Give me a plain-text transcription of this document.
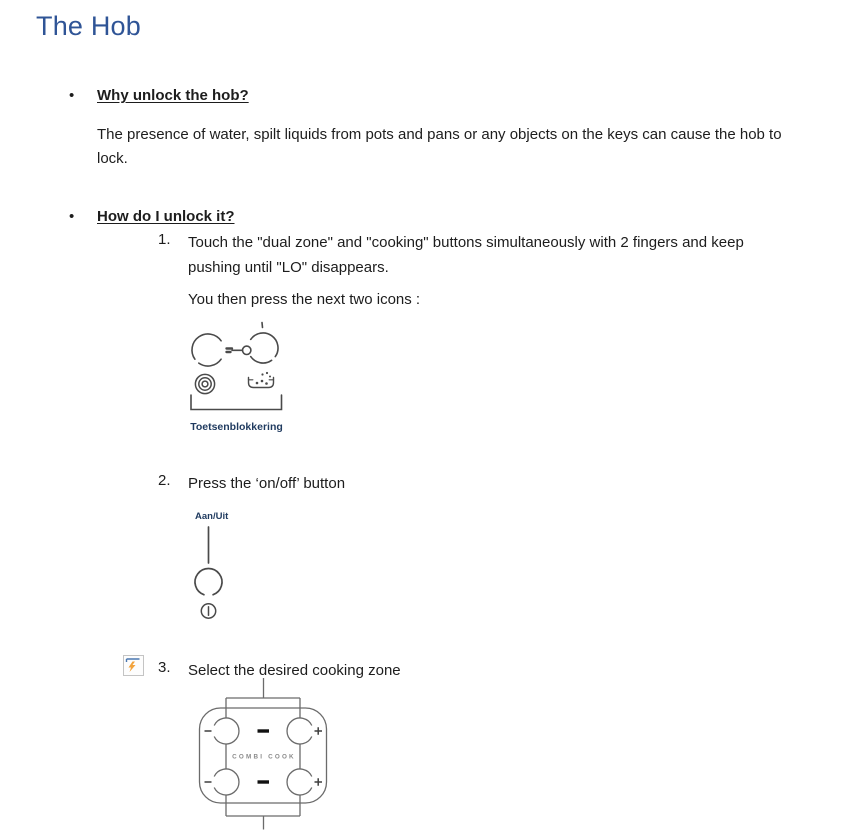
The Hob
• Why unlock the hob?
The presence of water, spilt liquids from pots and pans or any objects on the keys can cause the hob to lock.
• How do I unlock it?
1. Touch the "dual zone" and "cooking" buttons simultaneously with 2 fingers and keep pushing until "LO" disappears.
You then press the next two icons :
Toetsenblokkering
2. Press the ‘on/off’ button
Aan/Uit
3. Select the desired cooking zone
COMBI COOK
